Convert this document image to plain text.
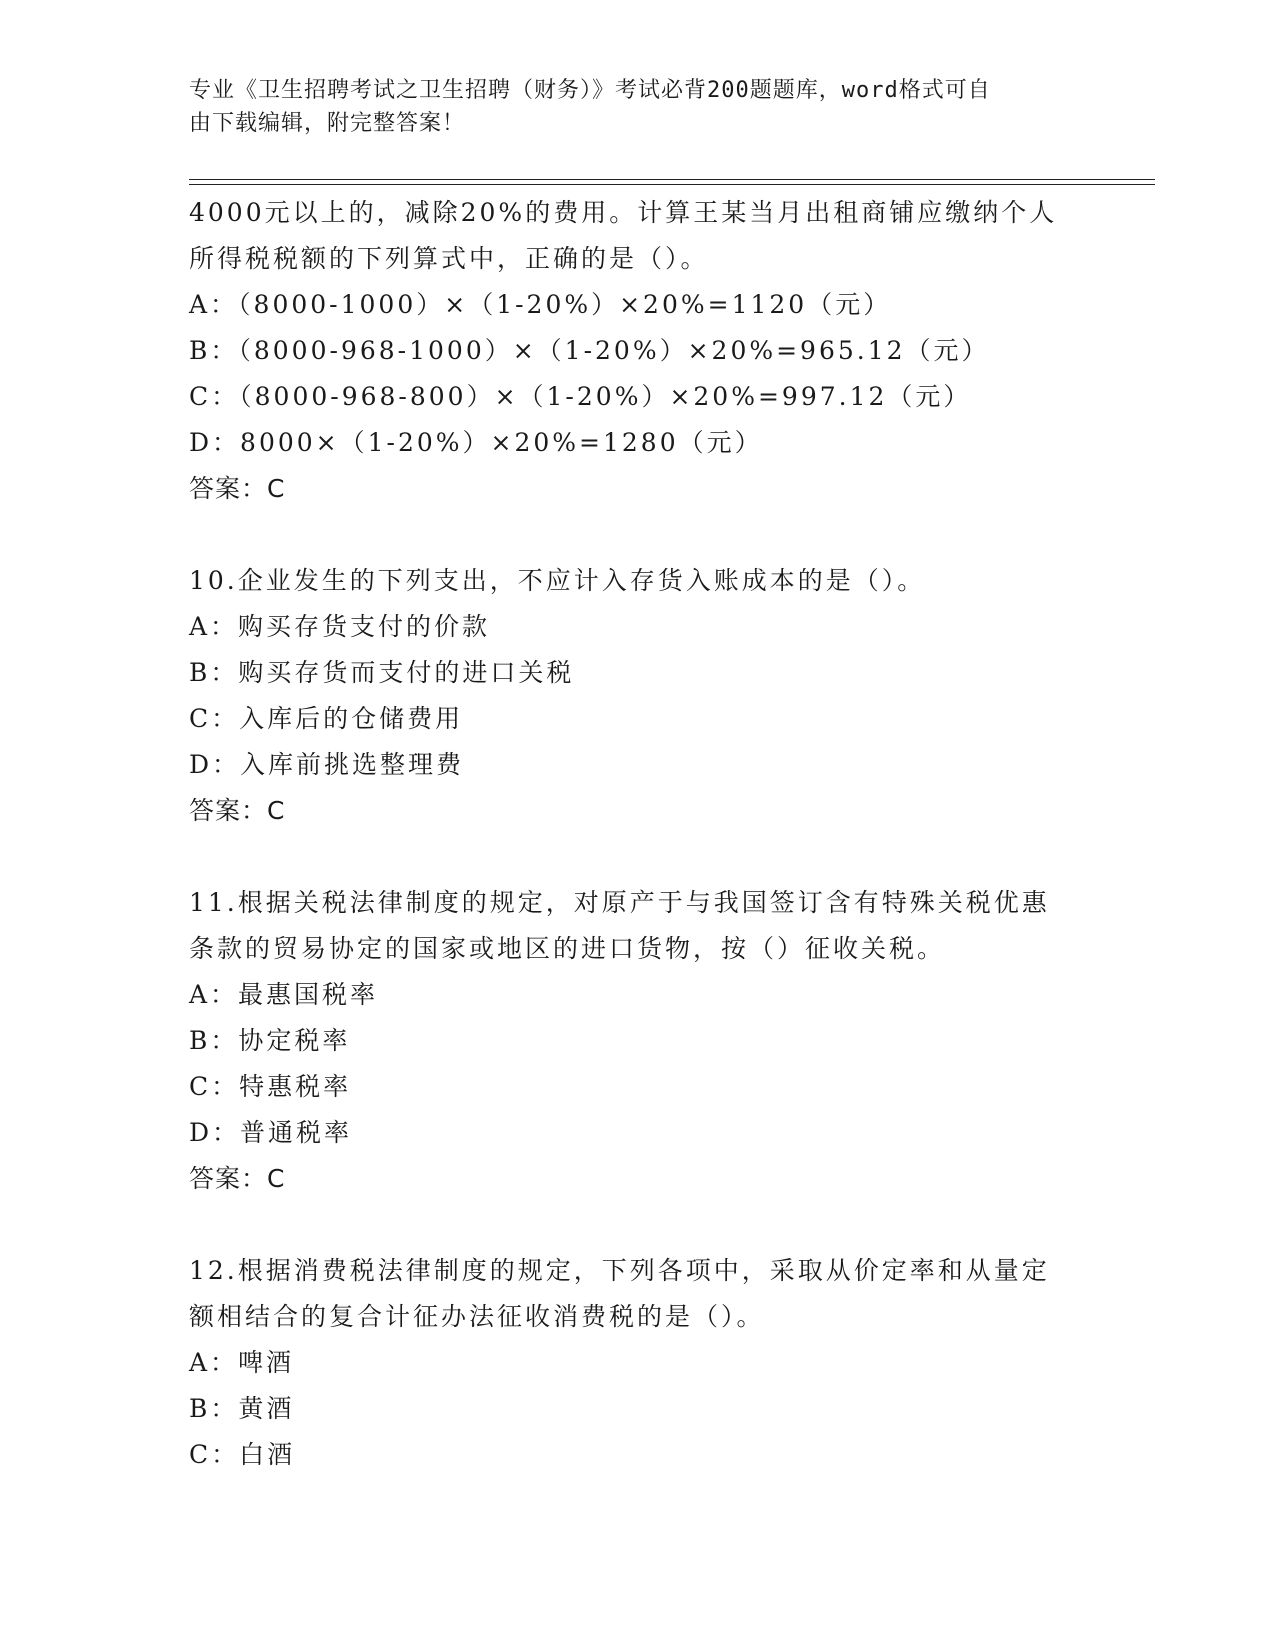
专业《卫生招聘考试之卫生招聘（财务）》考试必背200题题库，word格式可自
由下载编辑，附完整答案！
4000元以上的，减除20%的费用。计算王某当月出租商铺应缴纳个人
所得税税额的下列算式中，正确的是（）。
A：（8000-1000）×（1-20%）×20%=1120（元）
B：（8000-968-1000）×（1-20%）×20%=965.12（元）
C：（8000-968-800）×（1-20%）×20%=997.12（元）
D：8000×（1-20%）×20%=1280（元）
答案：C
10.企业发生的下列支出，不应计入存货入账成本的是（）。
A：购买存货支付的价款
B：购买存货而支付的进口关税
C：入库后的仓储费用
D：入库前挑选整理费
答案：C
11.根据关税法律制度的规定，对原产于与我国签订含有特殊关税优惠
条款的贸易协定的国家或地区的进口货物，按（）征收关税。
A：最惠国税率
B：协定税率
C：特惠税率
D：普通税率
答案：C
12.根据消费税法律制度的规定，下列各项中，采取从价定率和从量定
额相结合的复合计征办法征收消费税的是（）。
A：啤酒
B：黄酒
C：白酒
